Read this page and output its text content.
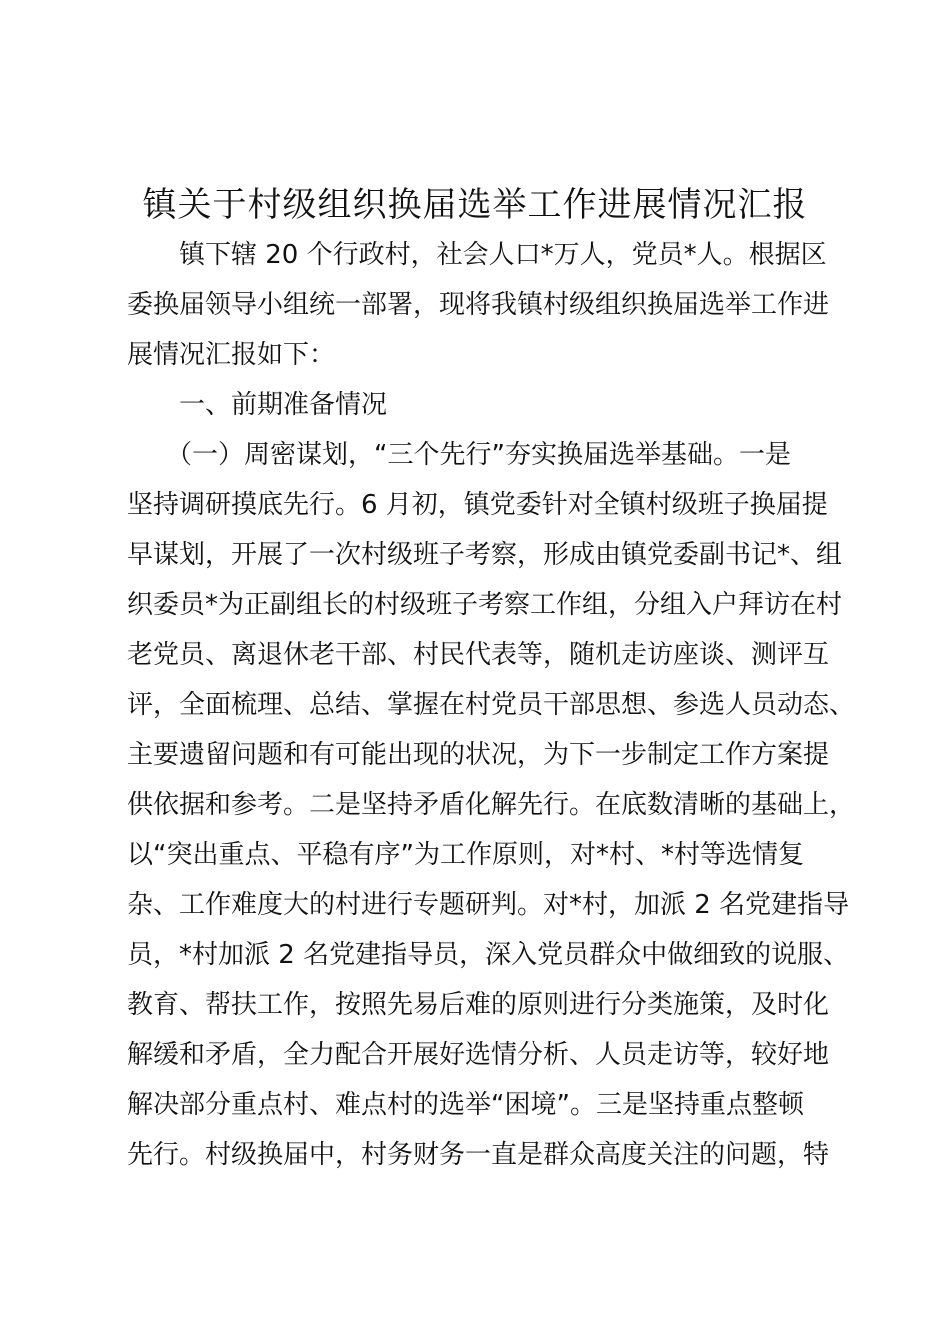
镇关于村级组织换届选举工作进展情况汇报

　　镇下辖 20 个行政村，社会人口*万人，党员*人。根据区

委换届领导小组统一部署，现将我镇村级组织换届选举工作进

展情况汇报如下：

　　一、前期准备情况

　　（一）周密谋划，“三个先行”夯实换届选举基础。一是

坚持调研摸底先行。6 月初，镇党委针对全镇村级班子换届提

早谋划，开展了一次村级班子考察，形成由镇党委副书记*、组

织委员*为正副组长的村级班子考察工作组，分组入户拜访在村

老党员、离退休老干部、村民代表等，随机走访座谈、测评互

评，全面梳理、总结、掌握在村党员干部思想、参选人员动态、

主要遗留问题和有可能出现的状况，为下一步制定工作方案提

供依据和参考。二是坚持矛盾化解先行。在底数清晰的基础上，

以“突出重点、平稳有序”为工作原则，对*村、*村等选情复

杂、工作难度大的村进行专题研判。对*村，加派 2 名党建指导

员，*村加派 2 名党建指导员，深入党员群众中做细致的说服、

教育、帮扶工作，按照先易后难的原则进行分类施策，及时化

解缓和矛盾，全力配合开展好选情分析、人员走访等，较好地

解决部分重点村、难点村的选举“困境”。三是坚持重点整顿

先行。村级换届中，村务财务一直是群众高度关注的问题，特
